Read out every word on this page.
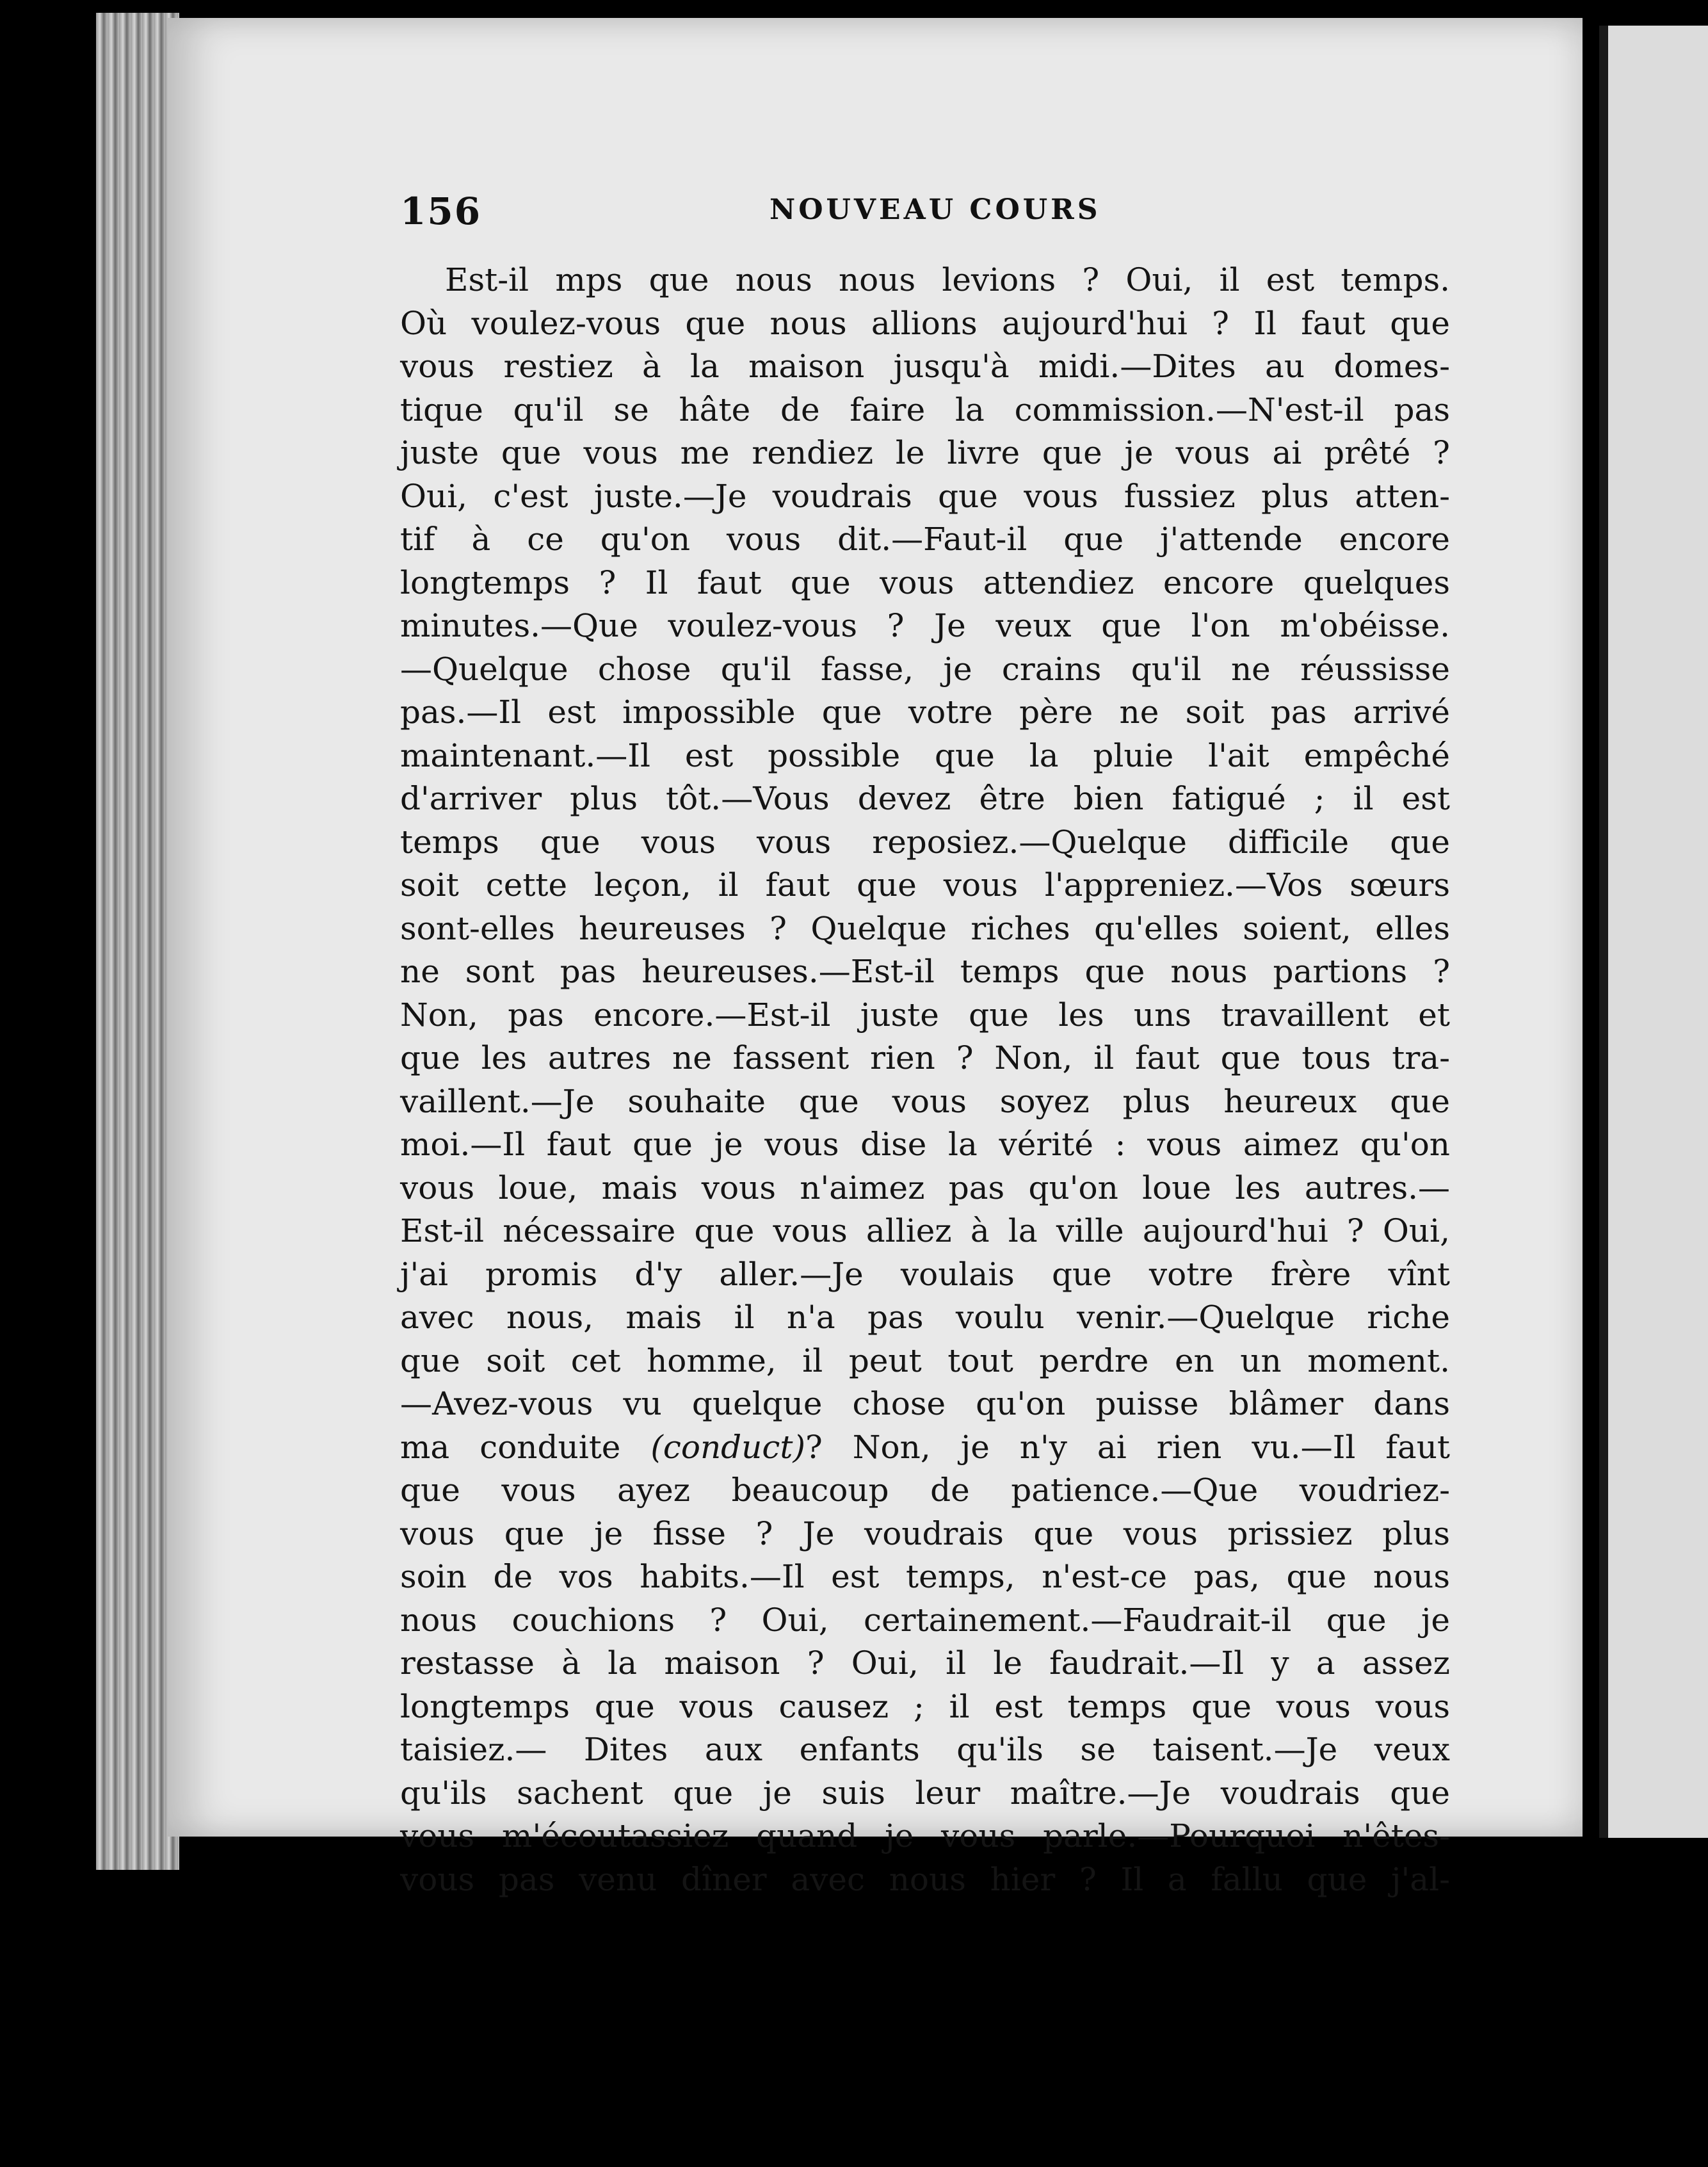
156	NOUVEAU COURS
Est-il mps que nous nous levions ? Oui, il est temps.
Où voulez-vous que nous allions aujourd'hui ? Il faut que
vous restiez à la maison jusqu'à midi.—Dites au domes-
tique qu'il se hâte de faire la commission.—N'est-il pas
juste que vous me rendiez le livre que je vous ai prêté ?
Oui, c'est juste.—Je voudrais que vous fussiez plus atten-
tif à ce qu'on vous dit.—Faut-il que j'attende encore
longtemps ? Il faut que vous attendiez encore quelques
minutes.—Que voulez-vous ? Je veux que l'on m'obéisse.
—Quelque chose qu'il fasse, je crains qu'il ne réussisse
pas.—Il est impossible que votre père ne soit pas arrivé
maintenant.—Il est possible que la pluie l'ait empêché
d'arriver plus tôt.—Vous devez être bien fatigué ; il est
temps que vous vous reposiez.—Quelque difficile que
soit cette leçon, il faut que vous l'appreniez.—Vos sœurs
sont-elles heureuses ? Quelque riches qu'elles soient, elles
ne sont pas heureuses.—Est-il temps que nous partions ?
Non, pas encore.—Est-il juste que les uns travaillent et
que les autres ne fassent rien ? Non, il faut que tous tra-
vaillent.—Je souhaite que vous soyez plus heureux que
moi.—Il faut que je vous dise la vérité : vous aimez qu'on
vous loue, mais vous n'aimez pas qu'on loue les autres.—
Est-il nécessaire que vous alliez à la ville aujourd'hui ? Oui,
j'ai promis d'y aller.—Je voulais que votre frère vînt
avec nous, mais il n'a pas voulu venir.—Quelque riche
que soit cet homme, il peut tout perdre en un moment.
—Avez-vous vu quelque chose qu'on puisse blâmer dans
ma conduite (conduct)? Non, je n'y ai rien vu.—Il faut
que vous ayez beaucoup de patience.—Que voudriez-
vous que je fisse ? Je voudrais que vous prissiez plus
soin de vos habits.—Il est temps, n'est-ce pas, que nous
nous couchions ? Oui, certainement.—Faudrait-il que je
restasse à la maison ? Oui, il le faudrait.—Il y a assez
longtemps que vous causez ; il est temps que vous vous
taisiez.— Dites aux enfants qu'ils se taisent.—Je veux
qu'ils sachent que je suis leur maître.—Je voudrais que
vous m'écoutassiez quand je vous parle.—Pourquoi n'êtes-
vous pas venu dîner avec nous hier ? Il a fallu que j'al-
